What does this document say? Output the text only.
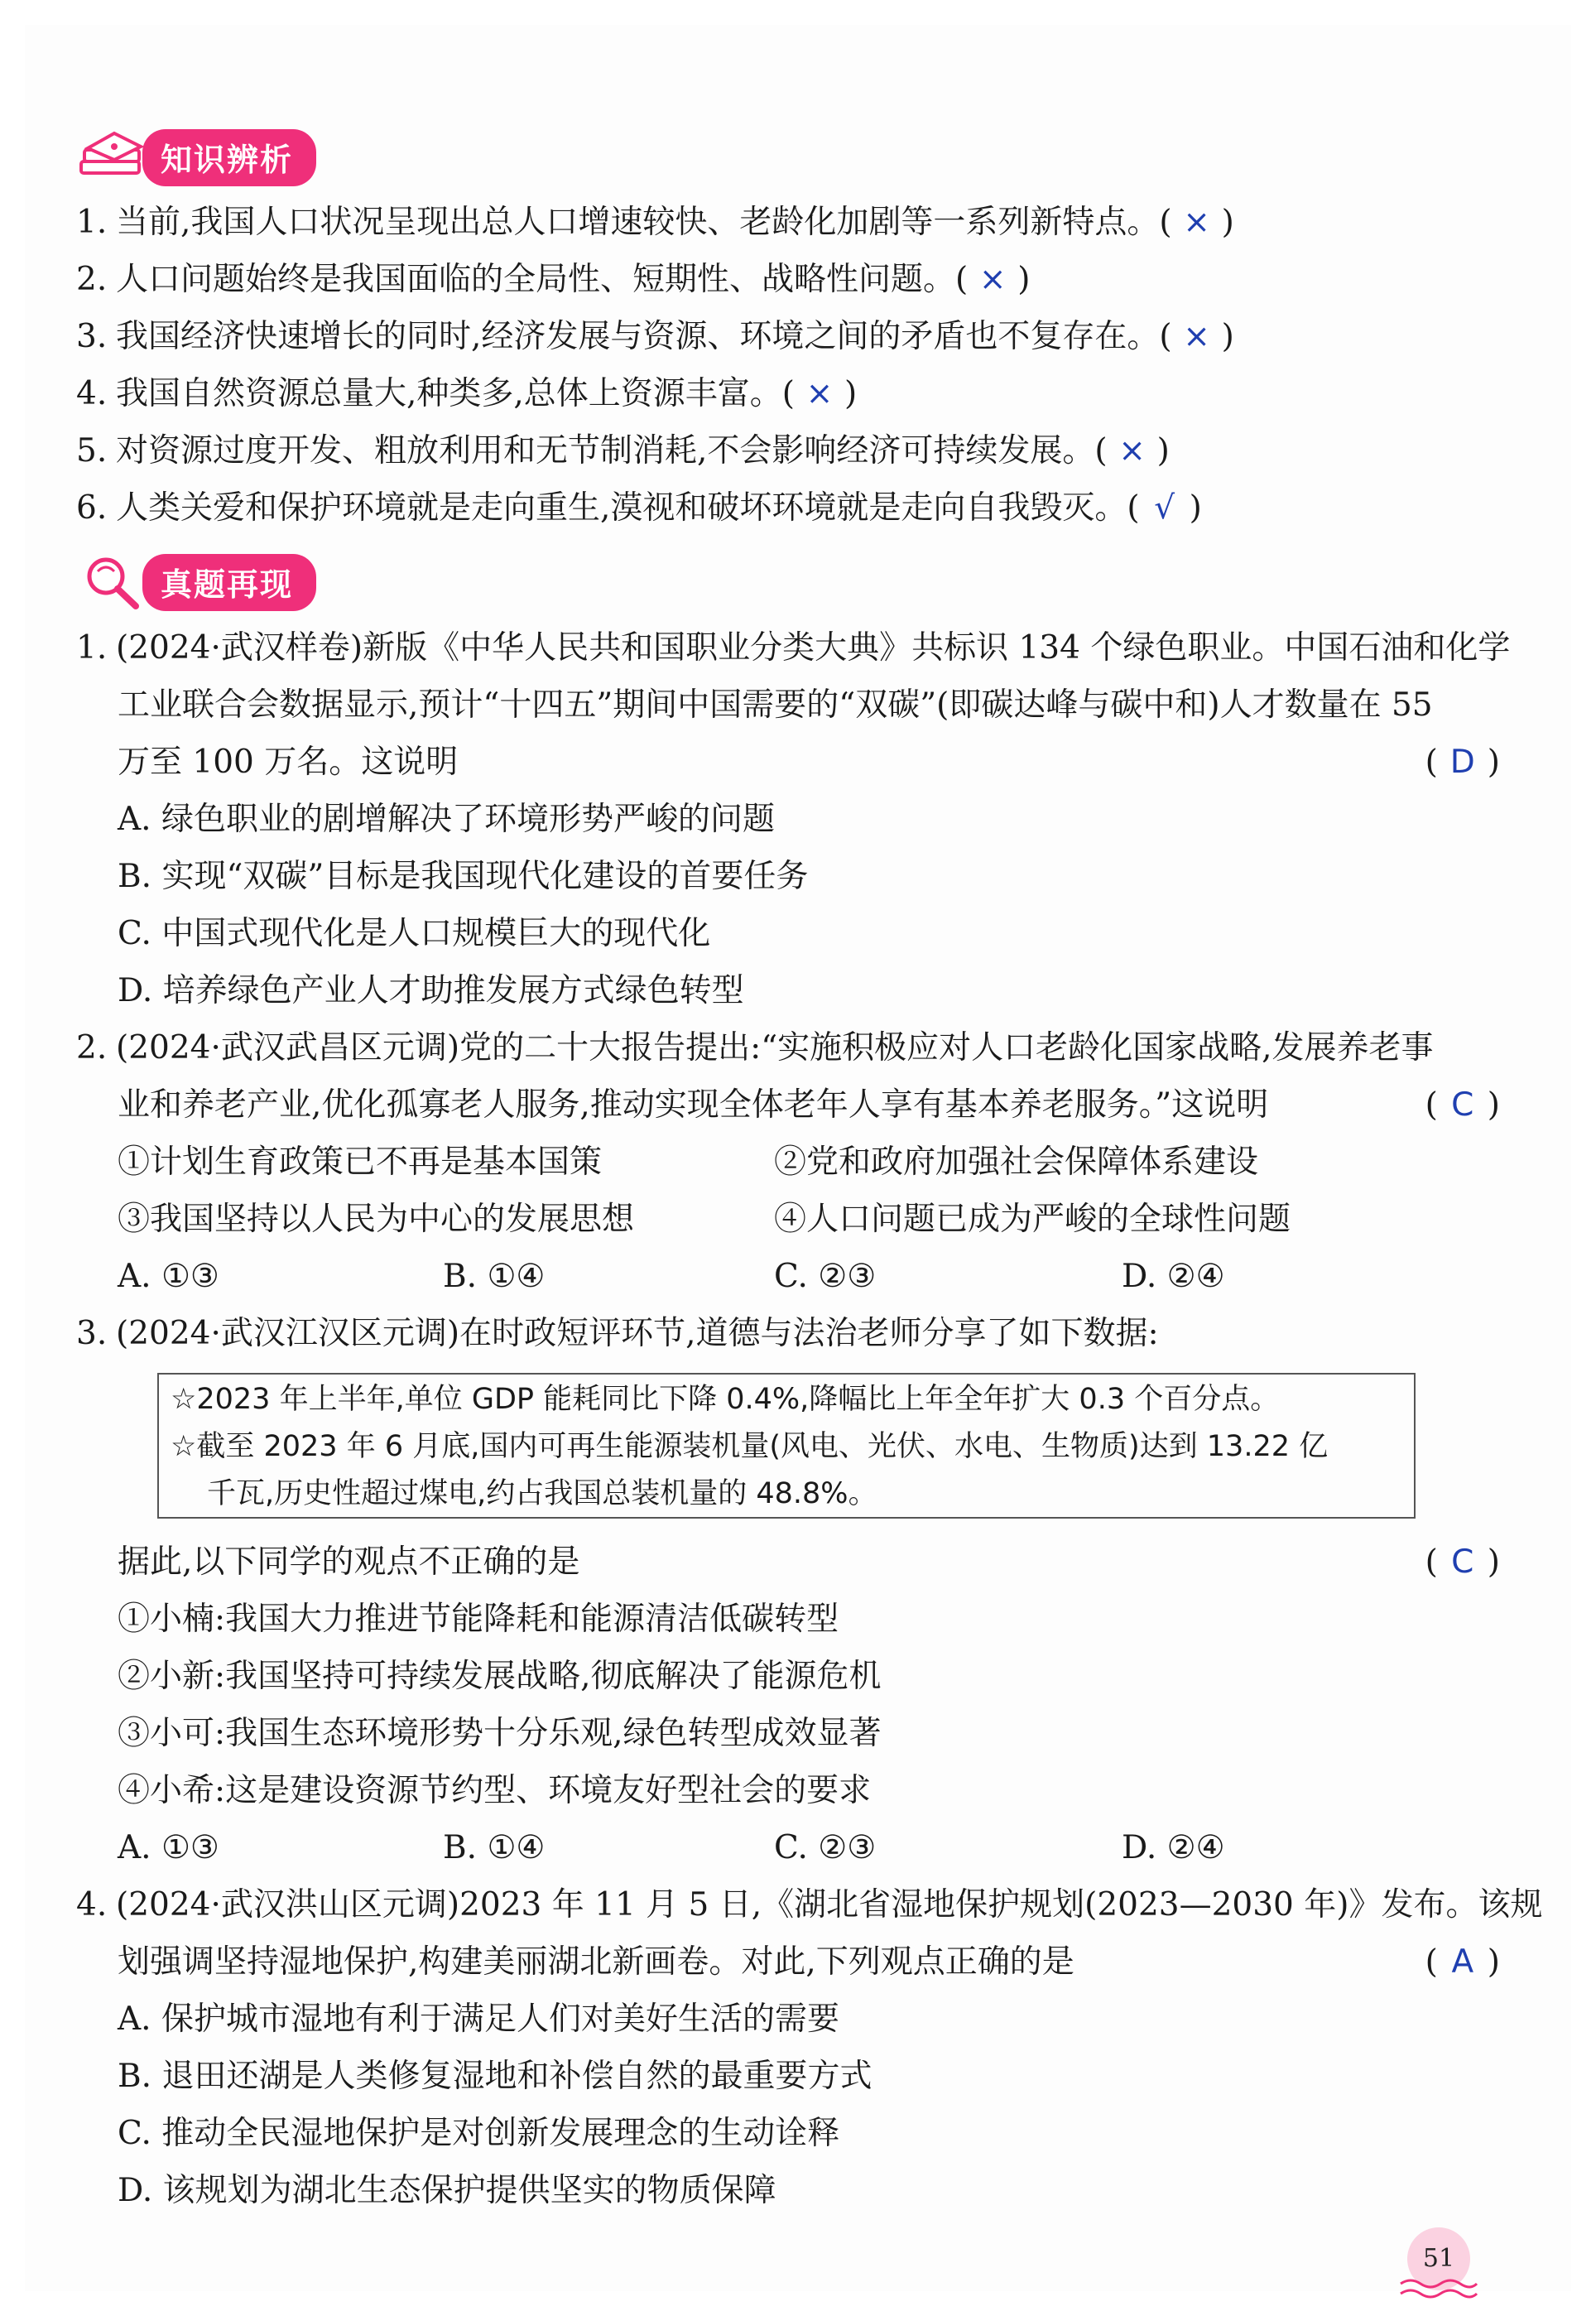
知识辨析
1. 当前,我国人口状况呈现出总人口增速较快、老龄化加剧等一系列新特点。( × )
2. 人口问题始终是我国面临的全局性、短期性、战略性问题。( × )
3. 我国经济快速增长的同时,经济发展与资源、环境之间的矛盾也不复存在。( × )
4. 我国自然资源总量大,种类多,总体上资源丰富。( × )
5. 对资源过度开发、粗放利用和无节制消耗,不会影响经济可持续发展。( × )
6. 人类关爱和保护环境就是走向重生,漠视和破坏环境就是走向自我毁灭。( √ )
真题再现
1. (2024·武汉样卷)新版《中华人民共和国职业分类大典》共标识 134 个绿色职业。中国石油和化学
工业联合会数据显示,预计“十四五”期间中国需要的“双碳”(即碳达峰与碳中和)人才数量在 55
万至 100 万名。这说明	( D )
A. 绿色职业的剧增解决了环境形势严峻的问题
B. 实现“双碳”目标是我国现代化建设的首要任务
C. 中国式现代化是人口规模巨大的现代化
D. 培养绿色产业人才助推发展方式绿色转型
2. (2024·武汉武昌区元调)党的二十大报告提出:“实施积极应对人口老龄化国家战略,发展养老事
业和养老产业,优化孤寡老人服务,推动实现全体老年人享有基本养老服务。”这说明	( C )
①计划生育政策已不再是基本国策	②党和政府加强社会保障体系建设
③我国坚持以人民为中心的发展思想	④人口问题已成为严峻的全球性问题
A. ①③	B. ①④	C. ②③	D. ②④
3. (2024·武汉江汉区元调)在时政短评环节,道德与法治老师分享了如下数据:
☆2023 年上半年,单位 GDP 能耗同比下降 0.4%,降幅比上年全年扩大 0.3 个百分点。
☆截至 2023 年 6 月底,国内可再生能源装机量(风电、光伏、水电、生物质)达到 13.22 亿
千瓦,历史性超过煤电,约占我国总装机量的 48.8%。
据此,以下同学的观点不正确的是	( C )
①小楠:我国大力推进节能降耗和能源清洁低碳转型
②小新:我国坚持可持续发展战略,彻底解决了能源危机
③小可:我国生态环境形势十分乐观,绿色转型成效显著
④小希:这是建设资源节约型、环境友好型社会的要求
A. ①③	B. ①④	C. ②③	D. ②④
4. (2024·武汉洪山区元调)2023 年 11 月 5 日,《湖北省湿地保护规划(2023—2030 年)》发布。该规
划强调坚持湿地保护,构建美丽湖北新画卷。对此,下列观点正确的是	( A )
A. 保护城市湿地有利于满足人们对美好生活的需要
B. 退田还湖是人类修复湿地和补偿自然的最重要方式
C. 推动全民湿地保护是对创新发展理念的生动诠释
D. 该规划为湖北生态保护提供坚实的物质保障
51
